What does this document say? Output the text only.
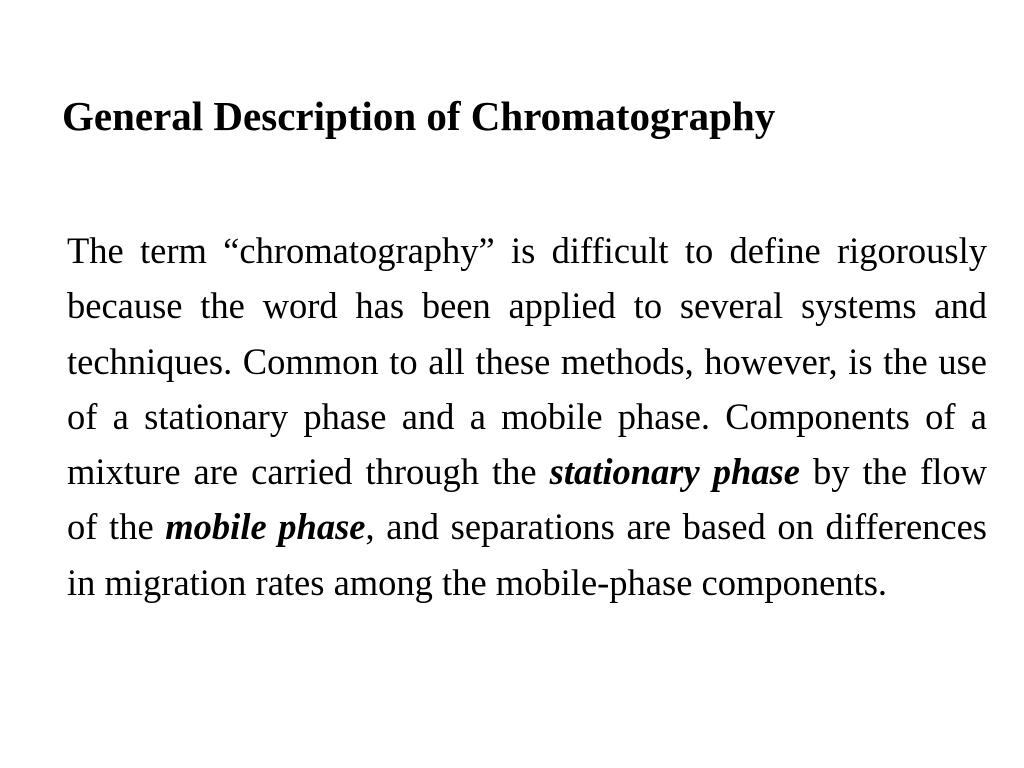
General Description of Chromatography

The term “chromatography” is difficult to define rigorously because the word has been applied to several systems and techniques. Common to all these methods, however, is the use of a stationary phase and a mobile phase. Components of a mixture are carried through the stationary phase by the flow of the mobile phase, and separations are based on differences in migration rates among the mobile-phase components.
